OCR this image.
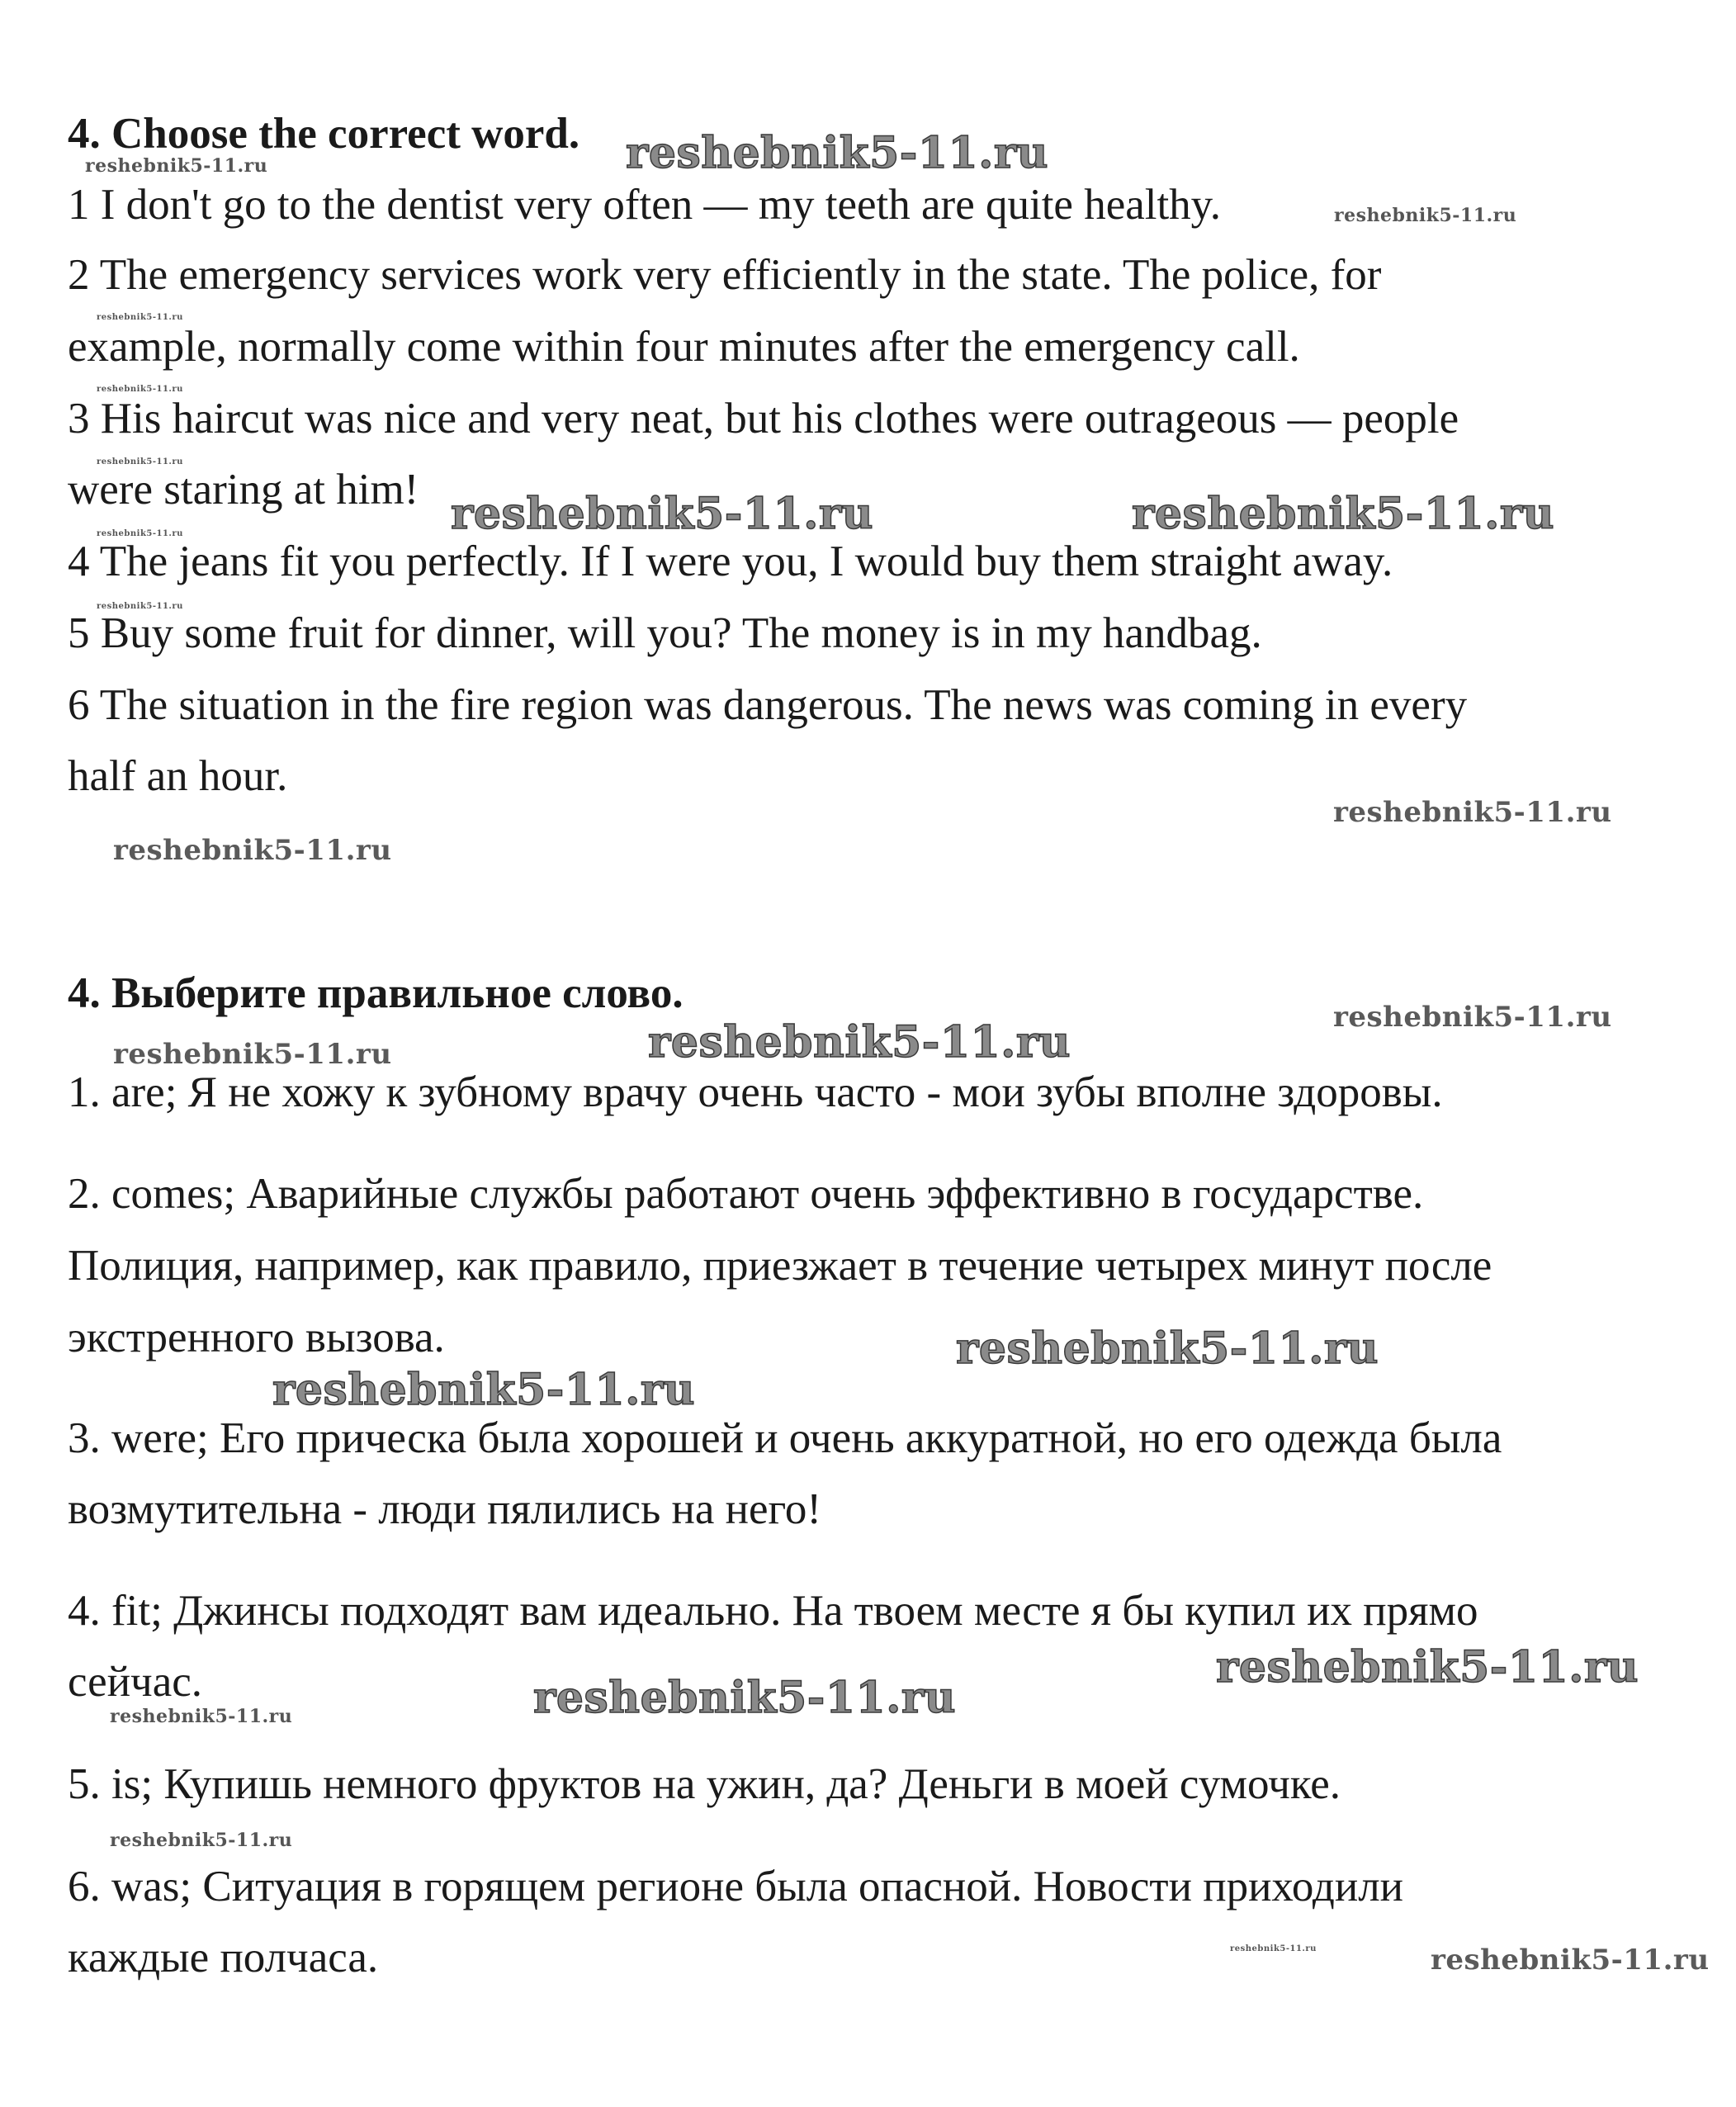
4. Choose the correct word.
1 I don't go to the dentist very often — my teeth are quite healthy.
2 The emergency services work very efficiently in the state. The police, for
example, normally come within four minutes after the emergency call.
3 His haircut was nice and very neat, but his clothes were outrageous — people
were staring at him!
4 The jeans fit you perfectly. If I were you, I would buy them straight away.
5 Buy some fruit for dinner, will you? The money is in my handbag.
6 The situation in the fire region was dangerous. The news was coming in every
half an hour.
4. Выберите правильное слово.
1. are; Я не хожу к зубному врачу очень часто - мои зубы вполне здоровы.
2. comes; Аварийные службы работают очень эффективно в государстве.
Полиция, например, как правило, приезжает в течение четырех минут после
экстренного вызова.
3. were; Его прическа была хорошей и очень аккуратной, но его одежда была
возмутительна - люди пялились на него!
4. fit; Джинсы подходят вам идеально. На твоем месте я бы купил их прямо
сейчас.
5. is; Купишь немного фруктов на ужин, да? Деньги в моей сумочке.
6. was; Ситуация в горящем регионе была опасной. Новости приходили
каждые полчаса.
reshebnik5-11.ru
reshebnik5-11.ru
reshebnik5-11.ru
reshebnik5-11.ru
reshebnik5-11.ru
reshebnik5-11.ru
reshebnik5-11.ru	reshebnik5-11.ru
reshebnik5-11.ru
reshebnik5-11.ru
reshebnik5-11.ru
reshebnik5-11.ru
reshebnik5-11.ru
reshebnik5-11.ru	reshebnik5-11.ru
reshebnik5-11.ru
reshebnik5-11.ru
reshebnik5-11.ru
reshebnik5-11.ru
reshebnik5-11.ru
reshebnik5-11.ru
reshebnik5-11.ru	reshebnik5-11.ru
